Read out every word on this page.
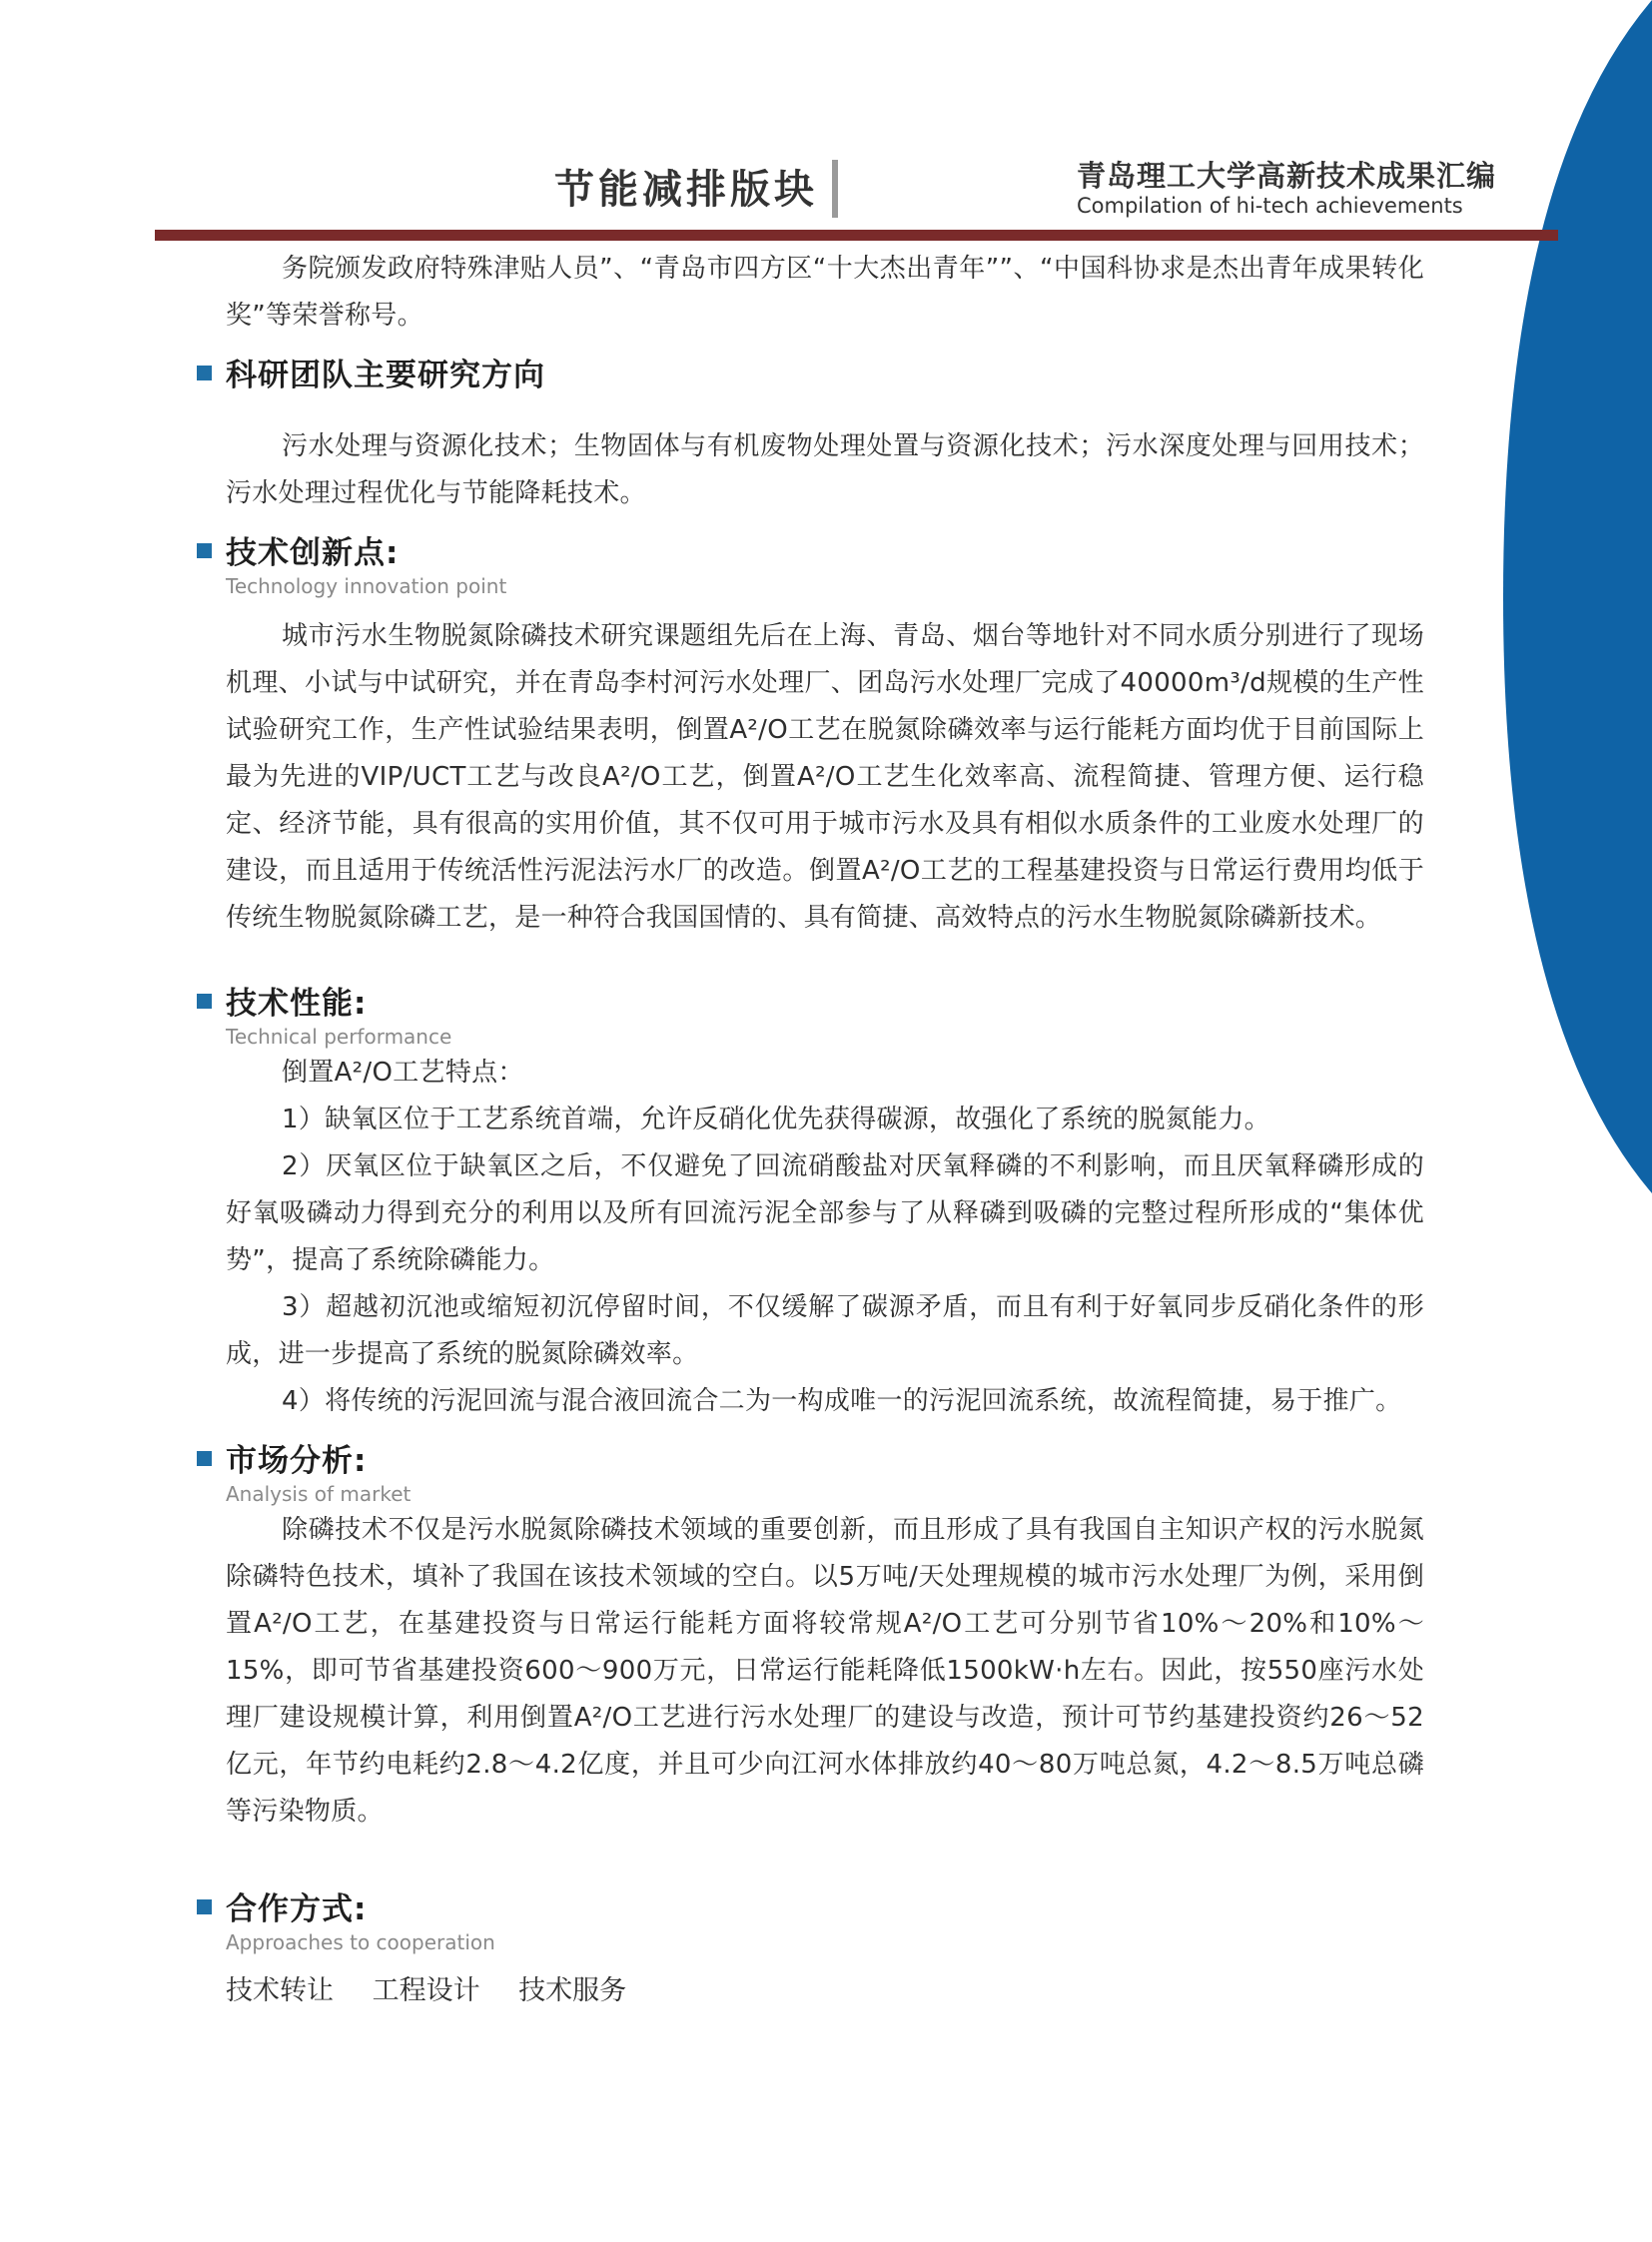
节能减排版块	青岛理工大学高新技术成果汇编
Compilation of hi-tech achievements

务院颁发政府特殊津贴人员”、“青岛市四方区“十大杰出青年””、“中国科协求是杰出青年成果转化奖”等荣誉称号。

科研团队主要研究方向

污水处理与资源化技术；生物固体与有机废物处理处置与资源化技术；污水深度处理与回用技术；污水处理过程优化与节能降耗技术。

技术创新点:
Technology innovation point

城市污水生物脱氮除磷技术研究课题组先后在上海、青岛、烟台等地针对不同水质分别进行了现场机理、小试与中试研究，并在青岛李村河污水处理厂、团岛污水处理厂完成了40000m³/d规模的生产性试验研究工作，生产性试验结果表明，倒置A²/O工艺在脱氮除磷效率与运行能耗方面均优于目前国际上最为先进的VIP/UCT工艺与改良A²/O工艺，倒置A²/O工艺生化效率高、流程简捷、管理方便、运行稳定、经济节能，具有很高的实用价值，其不仅可用于城市污水及具有相似水质条件的工业废水处理厂的建设，而且适用于传统活性污泥法污水厂的改造。倒置A²/O工艺的工程基建投资与日常运行费用均低于传统生物脱氮除磷工艺，是一种符合我国国情的、具有简捷、高效特点的污水生物脱氮除磷新技术。

技术性能:
Technical performance

倒置A²/O工艺特点：

1）缺氧区位于工艺系统首端，允许反硝化优先获得碳源，故强化了系统的脱氮能力。

2）厌氧区位于缺氧区之后，不仅避免了回流硝酸盐对厌氧释磷的不利影响，而且厌氧释磷形成的好氧吸磷动力得到充分的利用以及所有回流污泥全部参与了从释磷到吸磷的完整过程所形成的“集体优势”，提高了系统除磷能力。

3）超越初沉池或缩短初沉停留时间，不仅缓解了碳源矛盾，而且有利于好氧同步反硝化条件的形成，进一步提高了系统的脱氮除磷效率。

4）将传统的污泥回流与混合液回流合二为一构成唯一的污泥回流系统，故流程简捷，易于推广。

市场分析:
Analysis of market

除磷技术不仅是污水脱氮除磷技术领域的重要创新，而且形成了具有我国自主知识产权的污水脱氮除磷特色技术，填补了我国在该技术领域的空白。以5万吨/天处理规模的城市污水处理厂为例，采用倒置A²/O工艺，在基建投资与日常运行能耗方面将较常规A²/O工艺可分别节省10%～20%和10%～15%，即可节省基建投资600～900万元，日常运行能耗降低1500kW·h左右。因此，按550座污水处理厂建设规模计算，利用倒置A²/O工艺进行污水处理厂的建设与改造，预计可节约基建投资约26～52亿元，年节约电耗约2.8～4.2亿度，并且可少向江河水体排放约40～80万吨总氮，4.2～8.5万吨总磷等污染物质。

合作方式:
Approaches to cooperation
技术转让 工程设计 技术服务
